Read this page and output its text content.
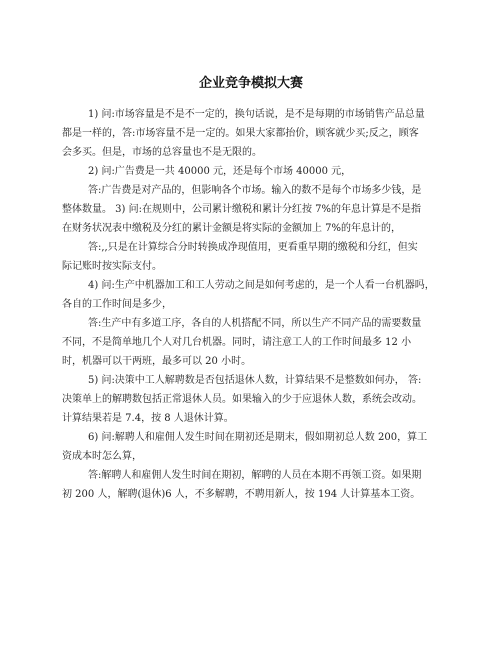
企业竞争模拟大赛
1) 问:市场容量是不是不一定的，换句话说，是不是每期的市场销售产品总量
都是一样的，答:市场容量不是一定的。如果大家都抬价，顾客就少买;反之，顾客
会多买。但是，市场的总容量也不是无限的。
2) 问:广告费是一共 40000 元，还是每个市场 40000 元，
答:广告费是对产品的，但影响各个市场。输入的数不是每个市场多少钱，是
整体数量。 3) 问:在规则中，公司累计缴税和累计分红按 7%的年息计算是不是指
在财务状况表中缴税及分红的累计金额是将实际的金额加上 7%的年息计的，
答:,,只是在计算综合分时转换成净现值用，更看重早期的缴税和分红，但实
际记账时按实际支付。
4) 问:生产中机器加工和工人劳动之间是如何考虑的，是一个人看一台机器吗，
各自的工作时间是多少，
答:生产中有多道工序，各自的人机搭配不同，所以生产不同产品的需要数量
不同，不是简单地几个人对几台机器。同时，请注意工人的工作时间最多 12 小
时，机器可以干两班，最多可以 20 小时。
5) 问:决策中工人解聘数是否包括退休人数，计算结果不是整数如何办， 答:
决策单上的解聘数包括正常退休人员。如果输入的少于应退休人数，系统会改动。
计算结果若是 7.4，按 8 人退休计算。
6) 问:解聘人和雇佣人发生时间在期初还是期末，假如期初总人数 200，算工
资成本时怎么算，
答:解聘人和雇佣人发生时间在期初，解聘的人员在本期不再领工资。如果期
初 200 人，解聘(退休)6 人，不多解聘，不聘用新人，按 194 人计算基本工资。
